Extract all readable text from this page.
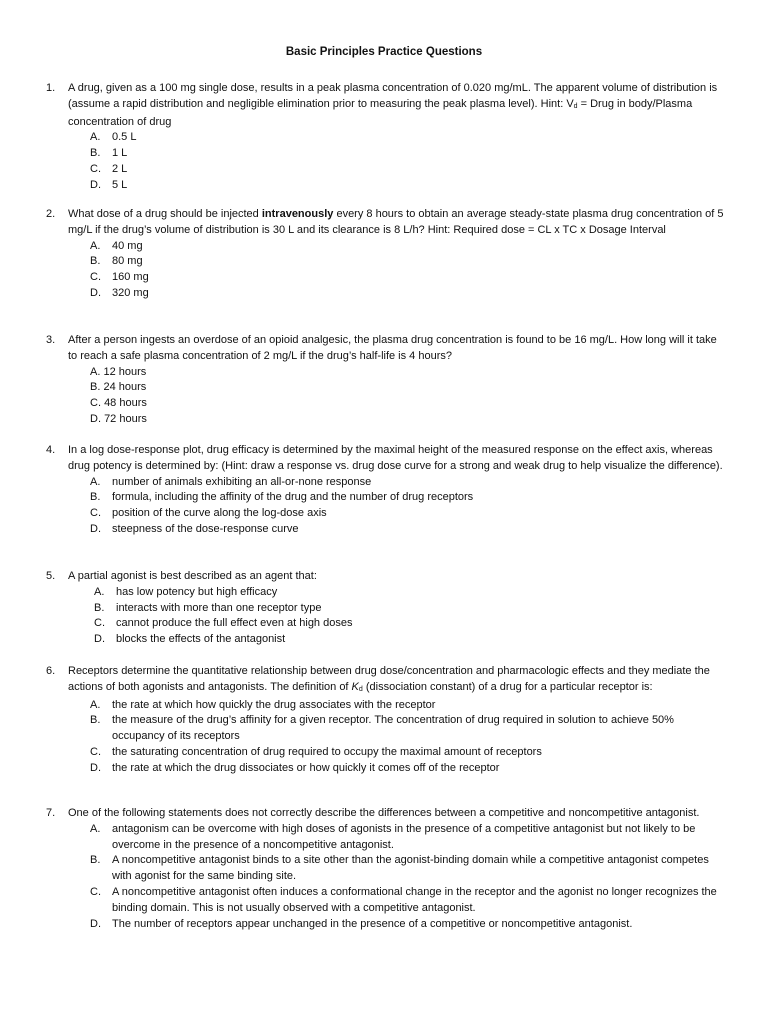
Basic Principles Practice Questions
1. A drug, given as a 100 mg single dose, results in a peak plasma concentration of 0.020 mg/mL. The apparent volume of distribution is (assume a rapid distribution and negligible elimination prior to measuring the peak plasma level). Hint: $V_d$ = Drug in body/Plasma concentration of drug
A. 0.5 L
B. 1 L
C. 2 L
D. 5 L
2. What dose of a drug should be injected intravenously every 8 hours to obtain an average steady-state plasma drug concentration of 5 mg/L if the drug’s volume of distribution is 30 L and its clearance is 8 L/h? Hint: Required dose = CL x TC x Dosage Interval
A. 40 mg
B. 80 mg
C. 160 mg
D. 320 mg
3. After a person ingests an overdose of an opioid analgesic, the plasma drug concentration is found to be 16 mg/L. How long will it take to reach a safe plasma concentration of 2 mg/L if the drug’s half-life is 4 hours?
A. 12 hours
B. 24 hours
C. 48 hours
D. 72 hours
4. In a log dose-response plot, drug efficacy is determined by the maximal height of the measured response on the effect axis, whereas drug potency is determined by: (Hint: draw a response vs. drug dose curve for a strong and weak drug to help visualize the difference).
A. number of animals exhibiting an all-or-none response
B. formula, including the affinity of the drug and the number of drug receptors
C. position of the curve along the log-dose axis
D. steepness of the dose-response curve
5. A partial agonist is best described as an agent that:
A. has low potency but high efficacy
B. interacts with more than one receptor type
C. cannot produce the full effect even at high doses
D. blocks the effects of the antagonist
6. Receptors determine the quantitative relationship between drug dose/concentration and pharmacologic effects and they mediate the actions of both agonists and antagonists. The definition of $K_d$ (dissociation constant) of a drug for a particular receptor is:
A. the rate at which how quickly the drug associates with the receptor
B. the measure of the drug’s affinity for a given receptor. The concentration of drug required in solution to achieve 50% occupancy of its receptors
C. the saturating concentration of drug required to occupy the maximal amount of receptors
D. the rate at which the drug dissociates or how quickly it comes off of the receptor
7. One of the following statements does not correctly describe the differences between a competitive and noncompetitive antagonist.
A. antagonism can be overcome with high doses of agonists in the presence of a competitive antagonist but not likely to be overcome in the presence of a noncompetitive antagonist.
B. A noncompetitive antagonist binds to a site other than the agonist-binding domain while a competitive antagonist competes with agonist for the same binding site.
C. A noncompetitive antagonist often induces a conformational change in the receptor and the agonist no longer recognizes the binding domain. This is not usually observed with a competitive antagonist.
D. The number of receptors appear unchanged in the presence of a competitive or noncompetitive antagonist.
